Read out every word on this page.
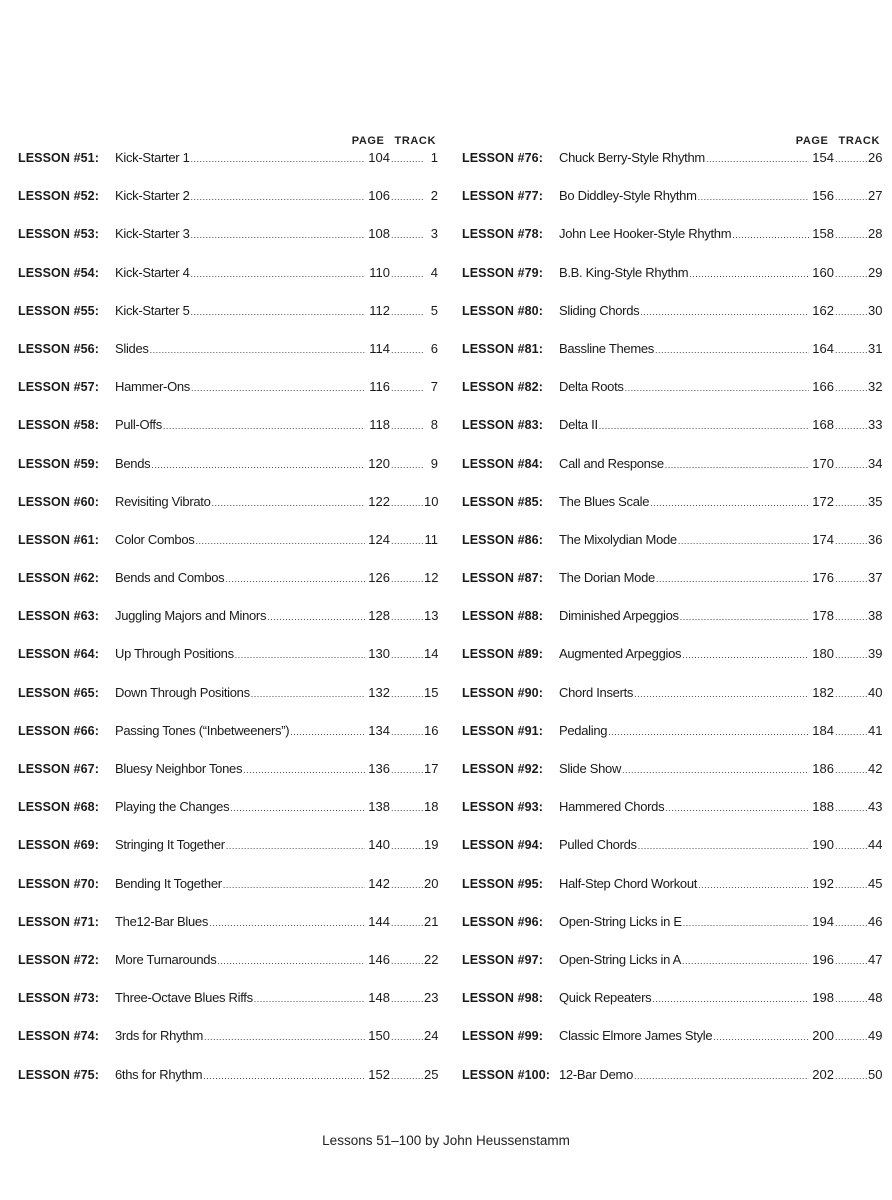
PAGE TRACK
LESSON #51:	Kick-Starter 1 .....	104 .....	1
LESSON #52:	Kick-Starter 2 .....	106 .....	2
LESSON #53:	Kick-Starter 3 .....	108 .....	3
LESSON #54:	Kick-Starter 4 .....	110 .....	4
LESSON #55:	Kick-Starter 5 .....	112 .....	5
LESSON #56:	Slides .....	114 .....	6
LESSON #57:	Hammer-Ons .....	116 .....	7
LESSON #58:	Pull-Offs .....	118 .....	8
LESSON #59:	Bends .....	120 .....	9
LESSON #60:	Revisiting Vibrato .....	122 .....	10
LESSON #61:	Color Combos .....	124 .....	11
LESSON #62:	Bends and Combos .....	126 .....	12
LESSON #63:	Juggling Majors and Minors .....	128 .....	13
LESSON #64:	Up Through Positions .....	130 .....	14
LESSON #65:	Down Through Positions .....	132 .....	15
LESSON #66:	Passing Tones (“Inbetweeners”) .....	134 .....	16
LESSON #67:	Bluesy Neighbor Tones .....	136 .....	17
LESSON #68:	Playing the Changes .....	138 .....	18
LESSON #69:	Stringing It Together .....	140 .....	19
LESSON #70:	Bending It Together .....	142 .....	20
LESSON #71:	The12-Bar Blues .....	144 .....	21
LESSON #72:	More Turnarounds .....	146 .....	22
LESSON #73:	Three-Octave Blues Riffs .....	148 .....	23
LESSON #74:	3rds for Rhythm .....	150 .....	24
LESSON #75:	6ths for Rhythm .....	152 .....	25
PAGE TRACK
LESSON #76:	Chuck Berry-Style Rhythm .....	154 .....	26
LESSON #77:	Bo Diddley-Style Rhythm .....	156 .....	27
LESSON #78:	John Lee Hooker-Style Rhythm .....	158 .....	28
LESSON #79:	B.B. King-Style Rhythm .....	160 .....	29
LESSON #80:	Sliding Chords .....	162 .....	30
LESSON #81:	Bassline Themes .....	164 .....	31
LESSON #82:	Delta Roots .....	166 .....	32
LESSON #83:	Delta II .....	168 .....	33
LESSON #84:	Call and Response .....	170 .....	34
LESSON #85:	The Blues Scale .....	172 .....	35
LESSON #86:	The Mixolydian Mode .....	174 .....	36
LESSON #87:	The Dorian Mode .....	176 .....	37
LESSON #88:	Diminished Arpeggios .....	178 .....	38
LESSON #89:	Augmented Arpeggios .....	180 .....	39
LESSON #90:	Chord Inserts .....	182 .....	40
LESSON #91:	Pedaling .....	184 .....	41
LESSON #92:	Slide Show .....	186 .....	42
LESSON #93:	Hammered Chords .....	188 .....	43
LESSON #94:	Pulled Chords .....	190 .....	44
LESSON #95:	Half-Step Chord Workout .....	192 .....	45
LESSON #96:	Open-String Licks in E .....	194 .....	46
LESSON #97:	Open-String Licks in A .....	196 .....	47
LESSON #98:	Quick Repeaters .....	198 .....	48
LESSON #99:	Classic Elmore James Style .....	200 .....	49
LESSON #100: 12-Bar Demo .....	202 .....	50
Lessons 51–100 by John Heussenstamm
